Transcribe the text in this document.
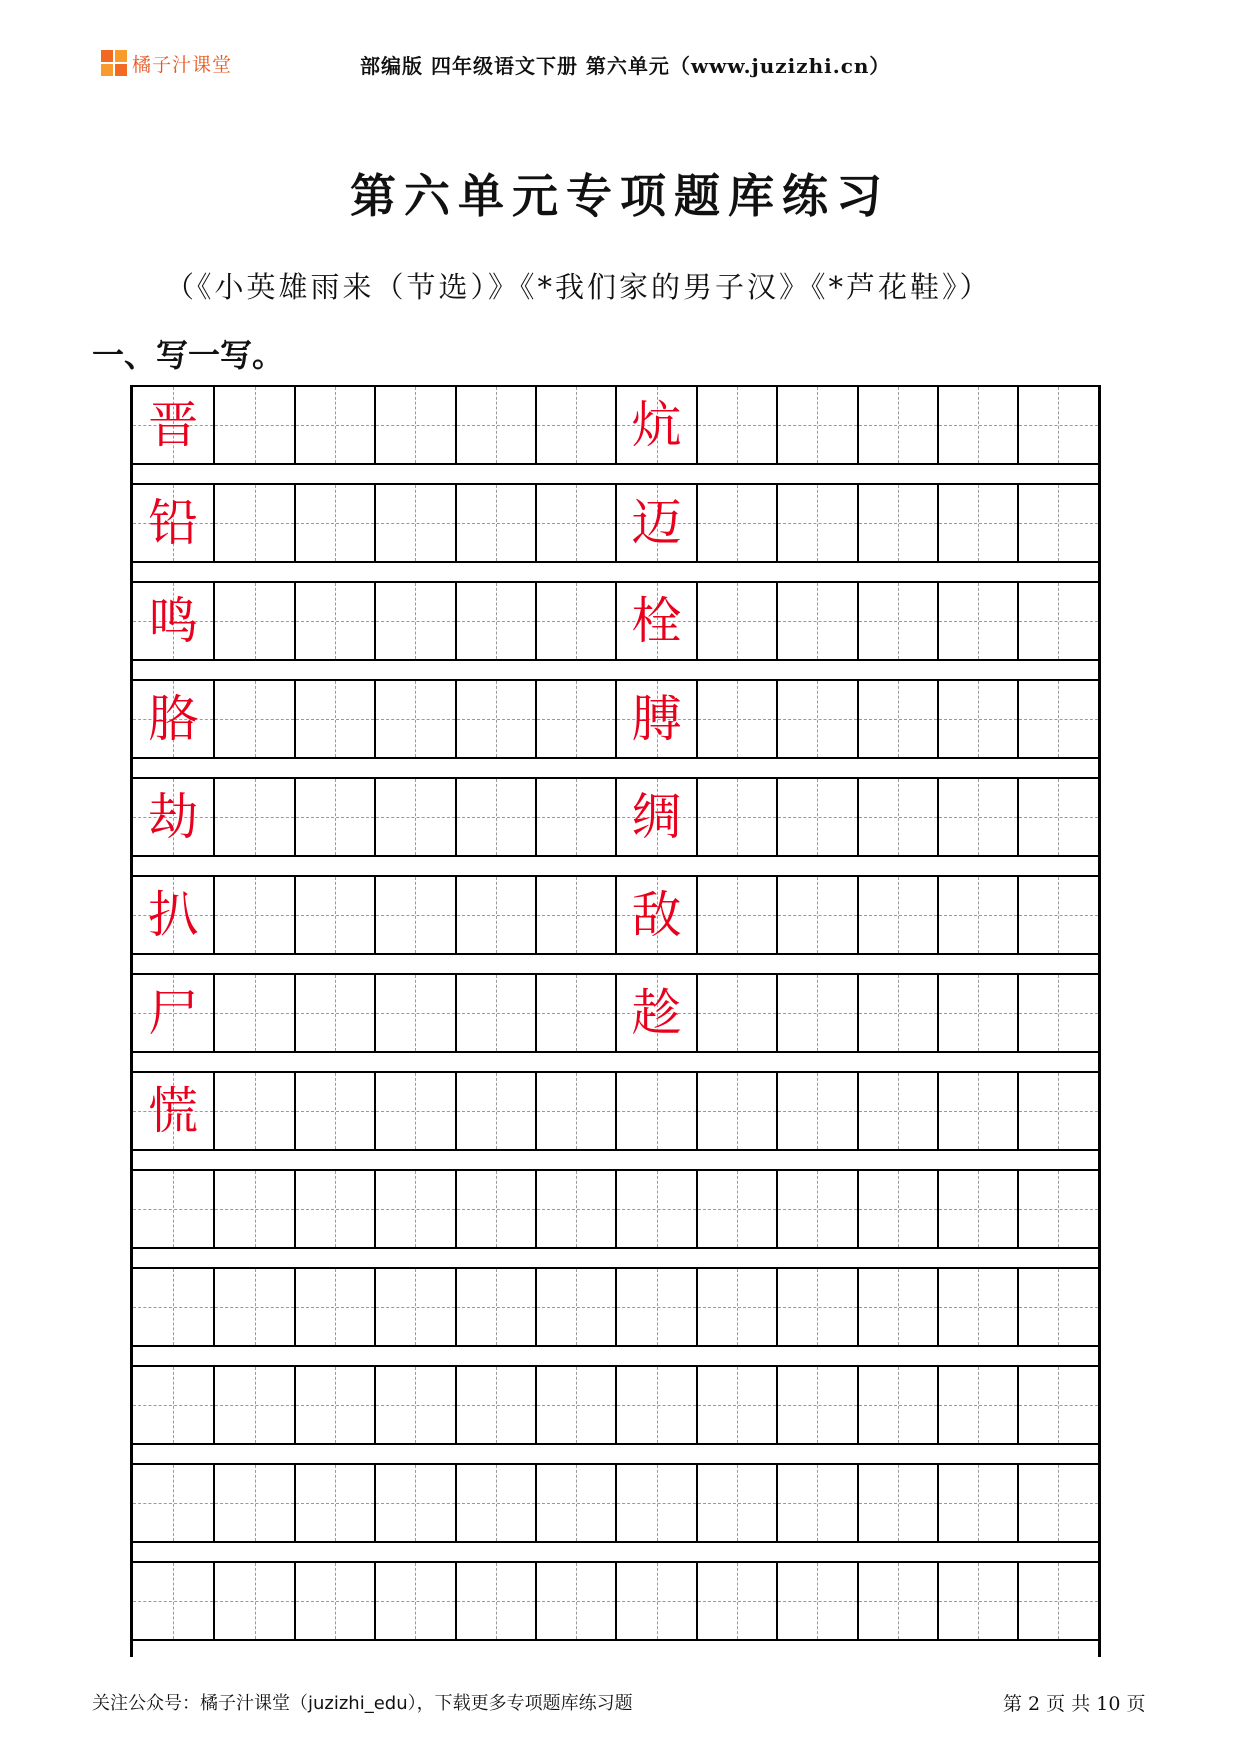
橘子汁课堂	部编版 四年级语文下册 第六单元（www.juzizhi.cn）
第六单元专项题库练习
（《小英雄雨来（节选）》《*我们家的男子汉》《*芦花鞋》）
一、写一写。
晋	炕
铅	迈
鸣	栓
胳	膊
劫	绸
扒	敌
尸	趁
慌
关注公众号：橘子汁课堂（juzizhi_edu），下载更多专项题库练习题	第 2 页 共 10 页
